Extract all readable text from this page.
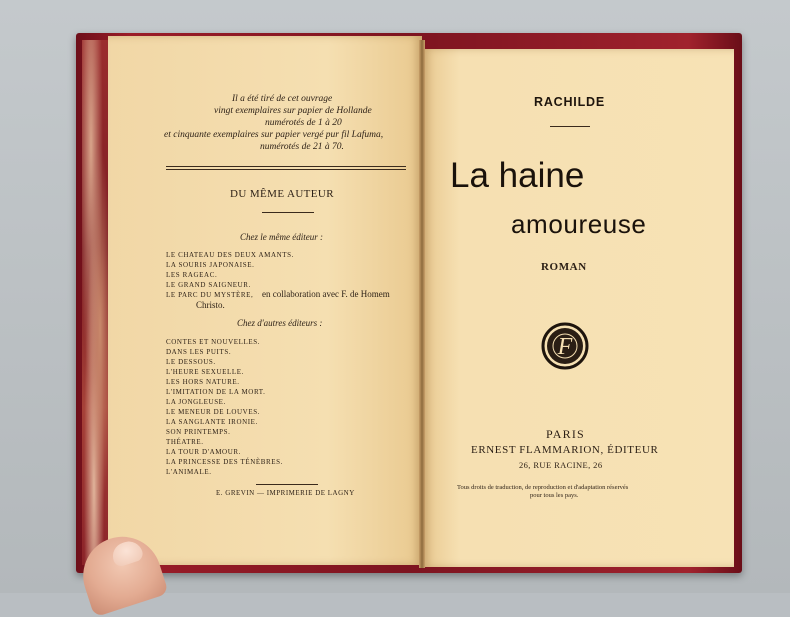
Il a été tiré de cet ouvrage
vingt exemplaires sur papier de Hollande
numérotés de 1 à 20
et cinquante exemplaires sur papier vergé pur fil Lafuma,
numérotés de 21 à 70.
DU MÊME AUTEUR
Chez le même éditeur :
LE CHATEAU DES DEUX AMANTS.
LA SOURIS JAPONAISE.
LES RAGEAC.
LE GRAND SAIGNEUR.
LE PARC DU MYSTÈRE, en collaboration avec F. de Homem
Christo.
Chez d'autres éditeurs :
CONTES ET NOUVELLES.
DANS LES PUITS.
LE DESSOUS.
L'HEURE SEXUELLE.
LES HORS NATURE.
L'IMITATION DE LA MORT.
LA JONGLEUSE.
LE MENEUR DE LOUVES.
LA SANGLANTE IRONIE.
SON PRINTEMPS.
THÉATRE.
LA TOUR D'AMOUR.
LA PRINCESSE DES TÉNÈBRES.
L'ANIMALE.
E. GREVIN — IMPRIMERIE DE LAGNY
RACHILDE
La haine
amoureuse
ROMAN
F
PARIS
ERNEST FLAMMARION, ÉDITEUR
26, RUE RACINE, 26
Tous droits de traduction, de reproduction et d'adaptation réservés
pour tous les pays.
